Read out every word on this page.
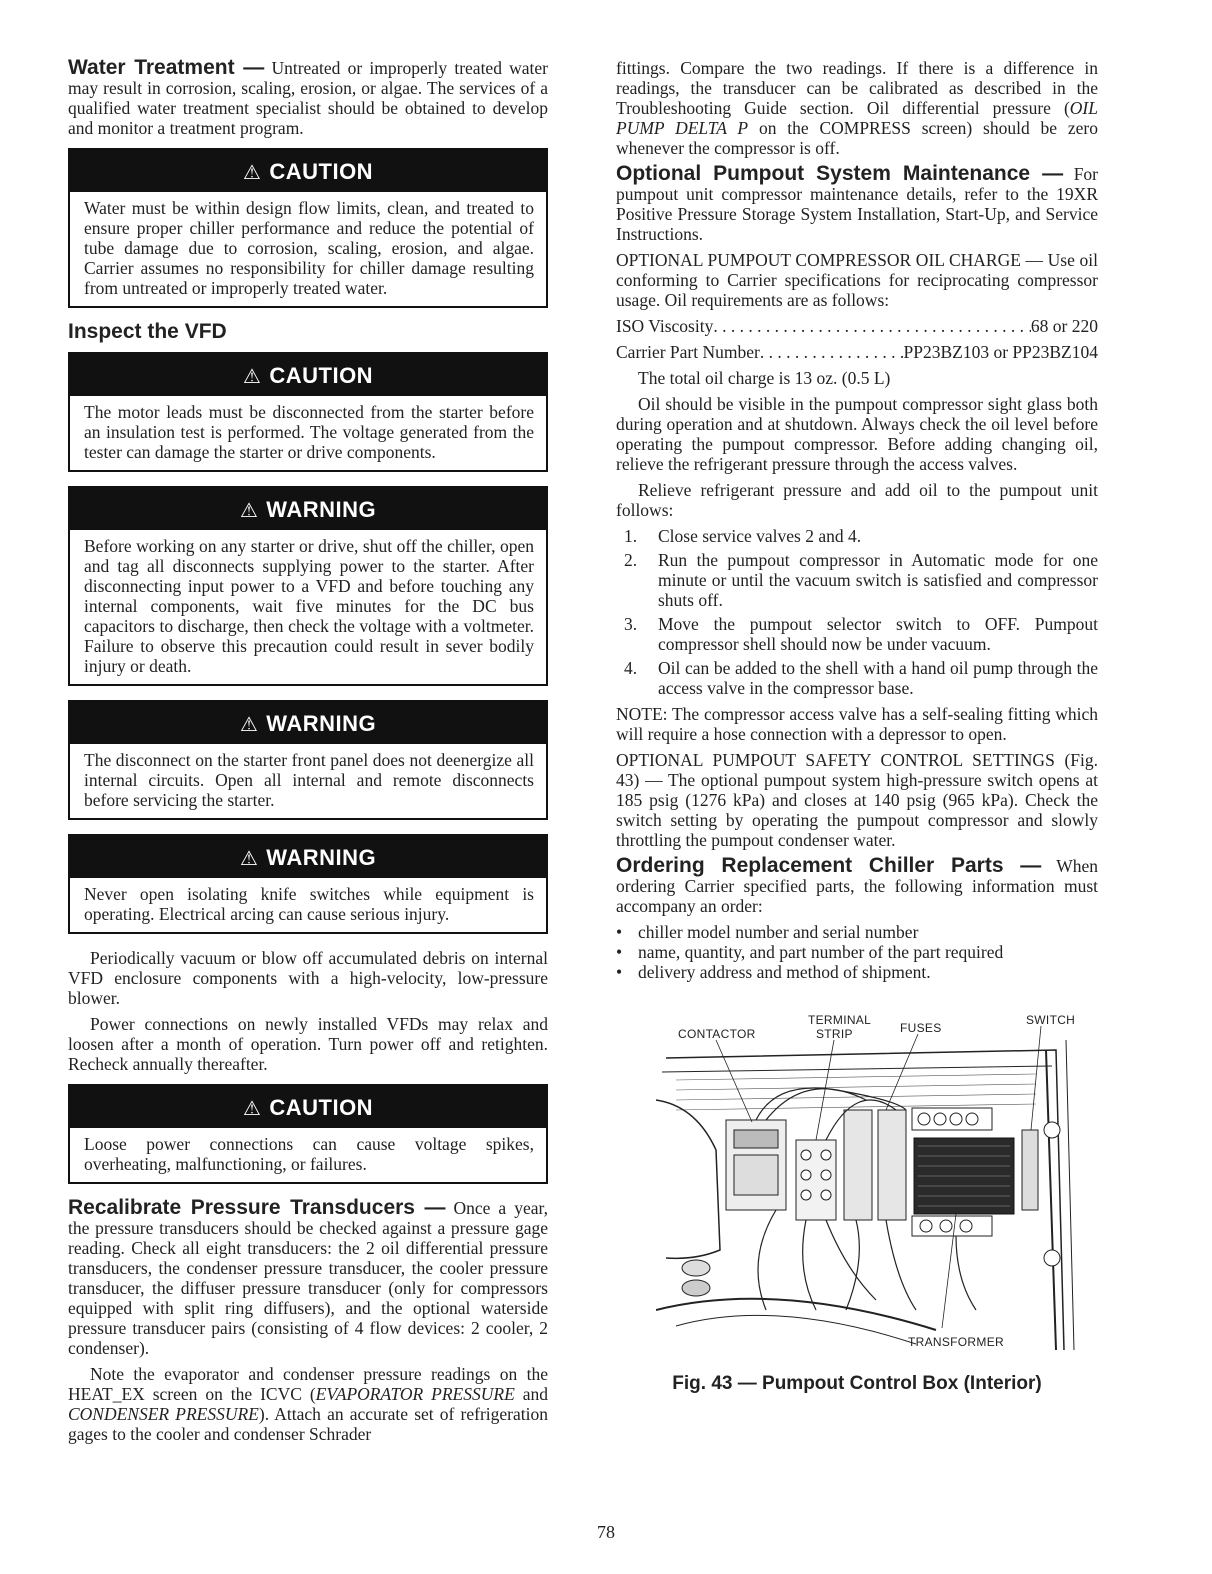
Water Treatment — Untreated or improperly treated water may result in corrosion, scaling, erosion, or algae. The services of a qualified water treatment specialist should be obtained to develop and monitor a treatment program.

⚠ CAUTION
Water must be within design flow limits, clean, and treated to ensure proper chiller performance and reduce the potential of tube damage due to corrosion, scaling, erosion, and algae. Carrier assumes no responsibility for chiller damage resulting from untreated or improperly treated water.
Inspect the VFD
⚠ CAUTION
The motor leads must be disconnected from the starter before an insulation test is performed. The voltage generated from the tester can damage the starter or drive components.
⚠ WARNING
Before working on any starter or drive, shut off the chiller, open and tag all disconnects supplying power to the starter. After disconnecting input power to a VFD and before touching any internal components, wait five minutes for the DC bus capacitors to discharge, then check the voltage with a voltmeter. Failure to observe this precaution could result in sever bodily injury or death.
⚠ WARNING
The disconnect on the starter front panel does not deenergize all internal circuits. Open all internal and remote disconnects before servicing the starter.
⚠ WARNING
Never open isolating knife switches while equipment is operating. Electrical arcing can cause serious injury.

Periodically vacuum or blow off accumulated debris on internal VFD enclosure components with a high-velocity, low-pressure blower.

Power connections on newly installed VFDs may relax and loosen after a month of operation. Turn power off and retighten. Recheck annually thereafter.

⚠ CAUTION
Loose power connections can cause voltage spikes, overheating, malfunctioning, or failures.

Recalibrate Pressure Transducers — Once a year, the pressure transducers should be checked against a pressure gage reading. Check all eight transducers: the 2 oil differential pressure transducers, the condenser pressure transducer, the cooler pressure transducer, the diffuser pressure transducer (only for compressors equipped with split ring diffusers), and the optional waterside pressure transducer pairs (consisting of 4 flow devices: 2 cooler, 2 condenser).

Note the evaporator and condenser pressure readings on the HEAT_EX screen on the ICVC (EVAPORATOR PRESSURE and CONDENSER PRESSURE). Attach an accurate set of refrigeration gages to the cooler and condenser Schrader

fittings. Compare the two readings. If there is a difference in readings, the transducer can be calibrated as described in the Troubleshooting Guide section. Oil differential pressure (OIL PUMP DELTA P on the COMPRESS screen) should be zero whenever the compressor is off.

Optional Pumpout System Maintenance — For pumpout unit compressor maintenance details, refer to the 19XR Positive Pressure Storage System Installation, Start-Up, and Service Instructions.

OPTIONAL PUMPOUT COMPRESSOR OIL CHARGE — Use oil conforming to Carrier specifications for reciprocating compressor usage. Oil requirements are as follows:

ISO Viscosity . . .	68 or 220
Carrier Part Number . . .	PP23BZ103 or PP23BZ104

The total oil charge is 13 oz. (0.5 L)

Oil should be visible in the pumpout compressor sight glass both during operation and at shutdown. Always check the oil level before operating the pumpout compressor. Before adding changing oil, relieve the refrigerant pressure through the access valves.

Relieve refrigerant pressure and add oil to the pumpout unit follows:

1.	Close service valves 2 and 4.
2.	Run the pumpout compressor in Automatic mode for one minute or until the vacuum switch is satisfied and compressor shuts off.
3.	Move the pumpout selector switch to OFF. Pumpout compressor shell should now be under vacuum.
4.	Oil can be added to the shell with a hand oil pump through the access valve in the compressor base.

NOTE: The compressor access valve has a self-sealing fitting which will require a hose connection with a depressor to open.

OPTIONAL PUMPOUT SAFETY CONTROL SETTINGS (Fig. 43) — The optional pumpout system high-pressure switch opens at 185 psig (1276 kPa) and closes at 140 psig (965 kPa). Check the switch setting by operating the pumpout compressor and slowly throttling the pumpout condenser water.

Ordering Replacement Chiller Parts — When ordering Carrier specified parts, the following information must accompany an order:

• chiller model number and serial number
• name, quantity, and part number of the part required
• delivery address and method of shipment.
CONTACTOR
TERMINAL
STRIP	FUSES
SWITCH
TRANSFORMER
Fig. 43 — Pumpout Control Box (Interior)
78
